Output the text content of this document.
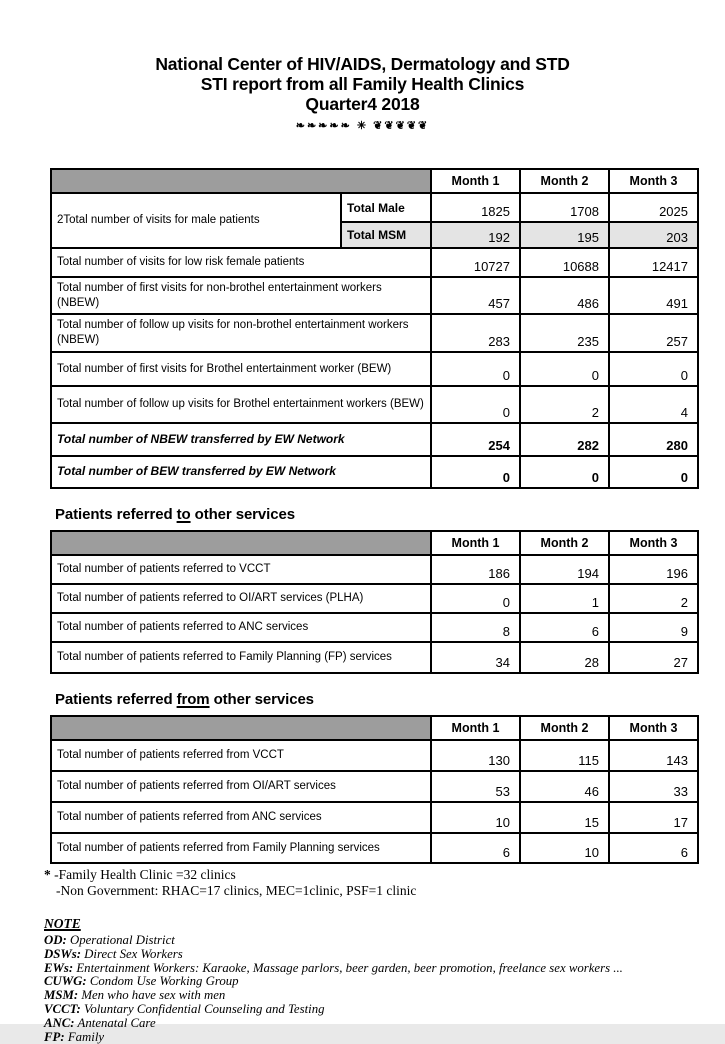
National Center of HIV/AIDS, Dermatology and STD
STI report from all Family Health Clinics
Quarter4 2018
❧❧❧❧❧ ✳ ❦❦❦❦❦
		Month 1	Month 2	Month 3
2Total number of visits for male patients	Total Male	1825	1708	2025
	Total MSM	192	195	203
Total number of visits for low risk female patients		10727	10688	12417
Total number of first visits for non-brothel entertainment workers (NBEW)		457	486	491
Total number of follow up visits for non-brothel entertainment workers (NBEW)		283	235	257
Total number of first visits for Brothel entertainment worker (BEW)		0	0	0
Total number of follow up visits for Brothel entertainment workers (BEW)		0	2	4
Total number of NBEW transferred by EW Network		254	282	280
Total number of BEW transferred by EW Network		0	0	0
Patients referred to other services
	Month 1	Month 2	Month 3
Total number of patients referred to VCCT	186	194	196
Total number of patients referred to OI/ART services (PLHA)	0	1	2
Total number of patients referred to ANC services	8	6	9
Total number of patients referred to Family Planning (FP) services	34	28	27
Patients referred from other services
	Month 1	Month 2	Month 3
Total number of patients referred from VCCT	130	115	143
Total number of patients referred from OI/ART services	53	46	33
Total number of patients referred from ANC services	10	15	17
Total number of patients referred from Family Planning services	6	10	6
* -Family Health Clinic =32 clinics
-Non Government: RHAC=17 clinics, MEC=1clinic, PSF=1 clinic
NOTE
OD: Operational District
DSWs: Direct Sex Workers
EWs: Entertainment Workers: Karaoke, Massage parlors, beer garden, beer promotion, freelance sex workers ...
CUWG: Condom Use Working Group
MSM: Men who have sex with men
VCCT: Voluntary Confidential Counseling and Testing
ANC: Antenatal Care
FP: Family
